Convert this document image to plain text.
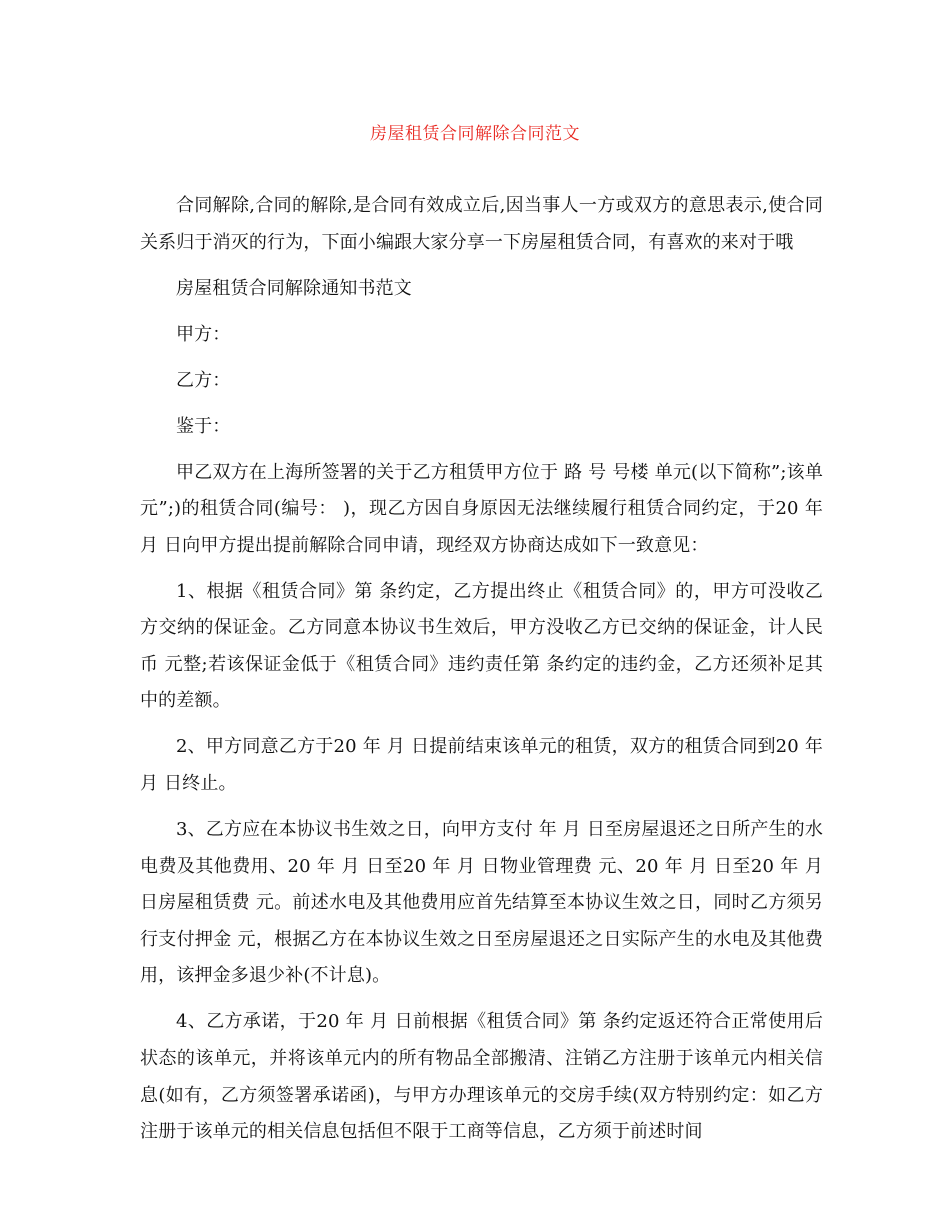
房屋租赁合同解除合同范文

合同解除,合同的解除,是合同有效成立后,因当事人一方或双方的意思表示,使合同关系归于消灭的行为，下面小编跟大家分享一下房屋租赁合同，有喜欢的来对于哦

房屋租赁合同解除通知书范文

甲方：

乙方：

鉴于：

甲乙双方在上海所签署的关于乙方租赁甲方位于 路 号 号楼 单元(以下简称”;该单元”;)的租赁合同(编号： )，现乙方因自身原因无法继续履行租赁合同约定，于20 年 月 日向甲方提出提前解除合同申请，现经双方协商达成如下一致意见：

1、根据《租赁合同》第 条约定，乙方提出终止《租赁合同》的，甲方可没收乙方交纳的保证金。乙方同意本协议书生效后，甲方没收乙方已交纳的保证金，计人民币 元整;若该保证金低于《租赁合同》违约责任第 条约定的违约金，乙方还须补足其中的差额。

2、甲方同意乙方于20 年 月 日提前结束该单元的租赁，双方的租赁合同到20 年 月 日终止。

3、乙方应在本协议书生效之日，向甲方支付 年 月 日至房屋退还之日所产生的水电费及其他费用、20 年 月 日至20 年 月 日物业管理费 元、20 年 月 日至20 年 月 日房屋租赁费 元。前述水电及其他费用应首先结算至本协议生效之日，同时乙方须另行支付押金 元，根据乙方在本协议生效之日至房屋退还之日实际产生的水电及其他费用，该押金多退少补(不计息)。

4、乙方承诺，于20 年 月 日前根据《租赁合同》第 条约定返还符合正常使用后状态的该单元，并将该单元内的所有物品全部搬清、注销乙方注册于该单元内相关信息(如有，乙方须签署承诺函)，与甲方办理该单元的交房手续(双方特别约定：如乙方注册于该单元的相关信息包括但不限于工商等信息，乙方须于前述时间
